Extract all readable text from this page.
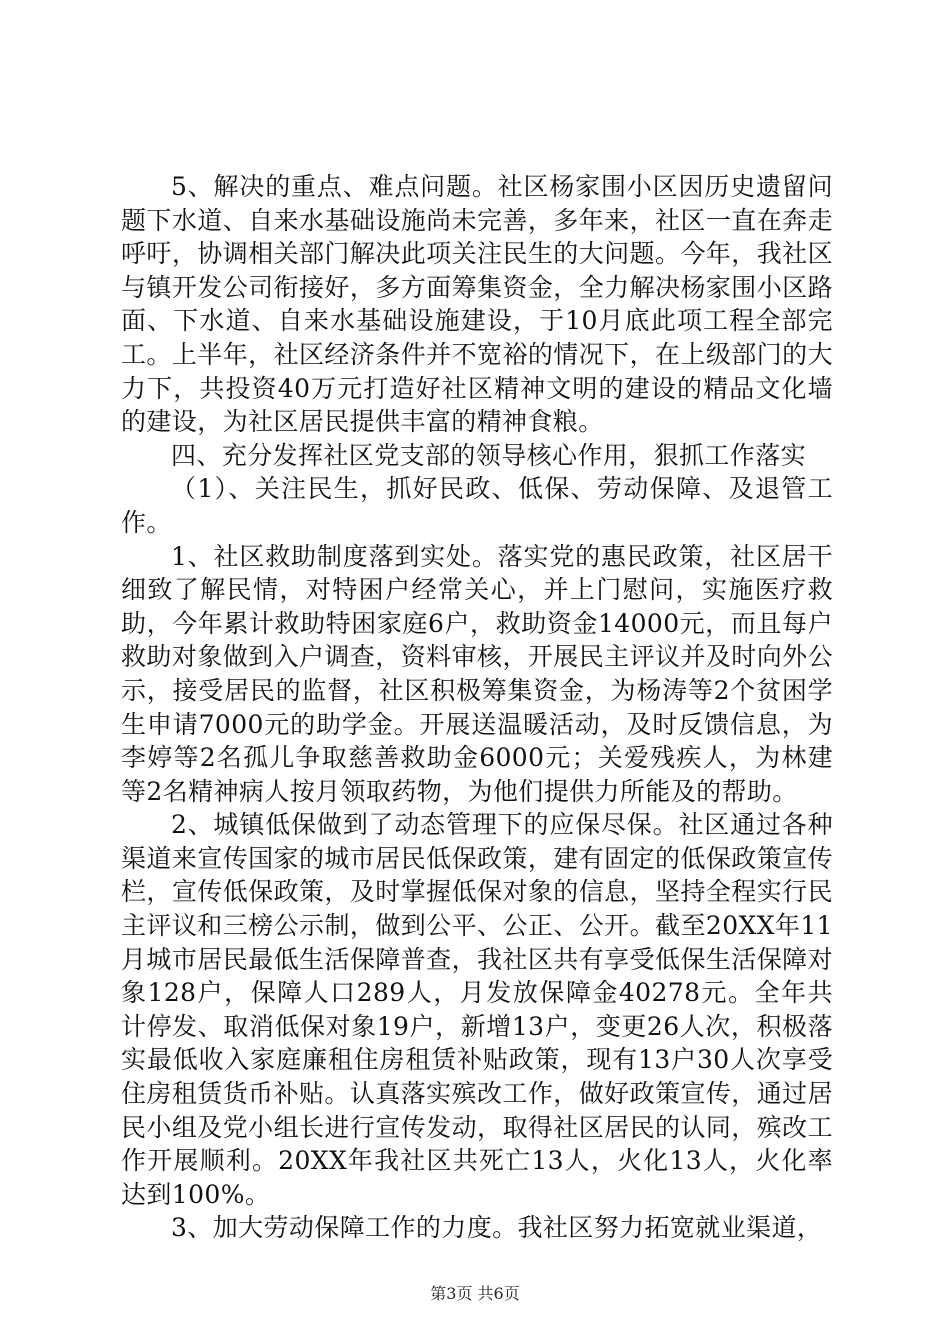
5、解决的重点、难点问题。社区杨家围小区因历史遗留问题下水道、自来水基础设施尚未完善，多年来，社区一直在奔走呼吁，协调相关部门解决此项关注民生的大问题。今年，我社区与镇开发公司衔接好，多方面筹集资金，全力解决杨家围小区路面、下水道、自来水基础设施建设，于10月底此项工程全部完工。上半年，社区经济条件并不宽裕的情况下，在上级部门的大力下，共投资40万元打造好社区精神文明的建设的精品文化墙的建设，为社区居民提供丰富的精神食粮。

四、充分发挥社区党支部的领导核心作用，狠抓工作落实

（1）、关注民生，抓好民政、低保、劳动保障、及退管工作。

1、社区救助制度落到实处。落实党的惠民政策，社区居干细致了解民情，对特困户经常关心，并上门慰问，实施医疗救助，今年累计救助特困家庭6户，救助资金14000元，而且每户救助对象做到入户调查，资料审核，开展民主评议并及时向外公示，接受居民的监督，社区积极筹集资金，为杨涛等2个贫困学生申请7000元的助学金。开展送温暖活动，及时反馈信息，为李婷等2名孤儿争取慈善救助金6000元；关爱残疾人，为林建等2名精神病人按月领取药物，为他们提供力所能及的帮助。

2、城镇低保做到了动态管理下的应保尽保。社区通过各种渠道来宣传国家的城市居民低保政策，建有固定的低保政策宣传栏，宣传低保政策，及时掌握低保对象的信息，坚持全程实行民主评议和三榜公示制，做到公平、公正、公开。截至20XX年11月城市居民最低生活保障普查，我社区共有享受低保生活保障对象128户，保障人口289人，月发放保障金40278元。全年共计停发、取消低保对象19户，新增13户，变更26人次，积极落实最低收入家庭廉租住房租赁补贴政策，现有13户30人次享受住房租赁货币补贴。认真落实殡改工作，做好政策宣传，通过居民小组及党小组长进行宣传发动，取得社区居民的认同，殡改工作开展顺利。20XX年我社区共死亡13人，火化13人，火化率达到100%。

3、加大劳动保障工作的力度。我社区努力拓宽就业渠道，

第3页 共6页
